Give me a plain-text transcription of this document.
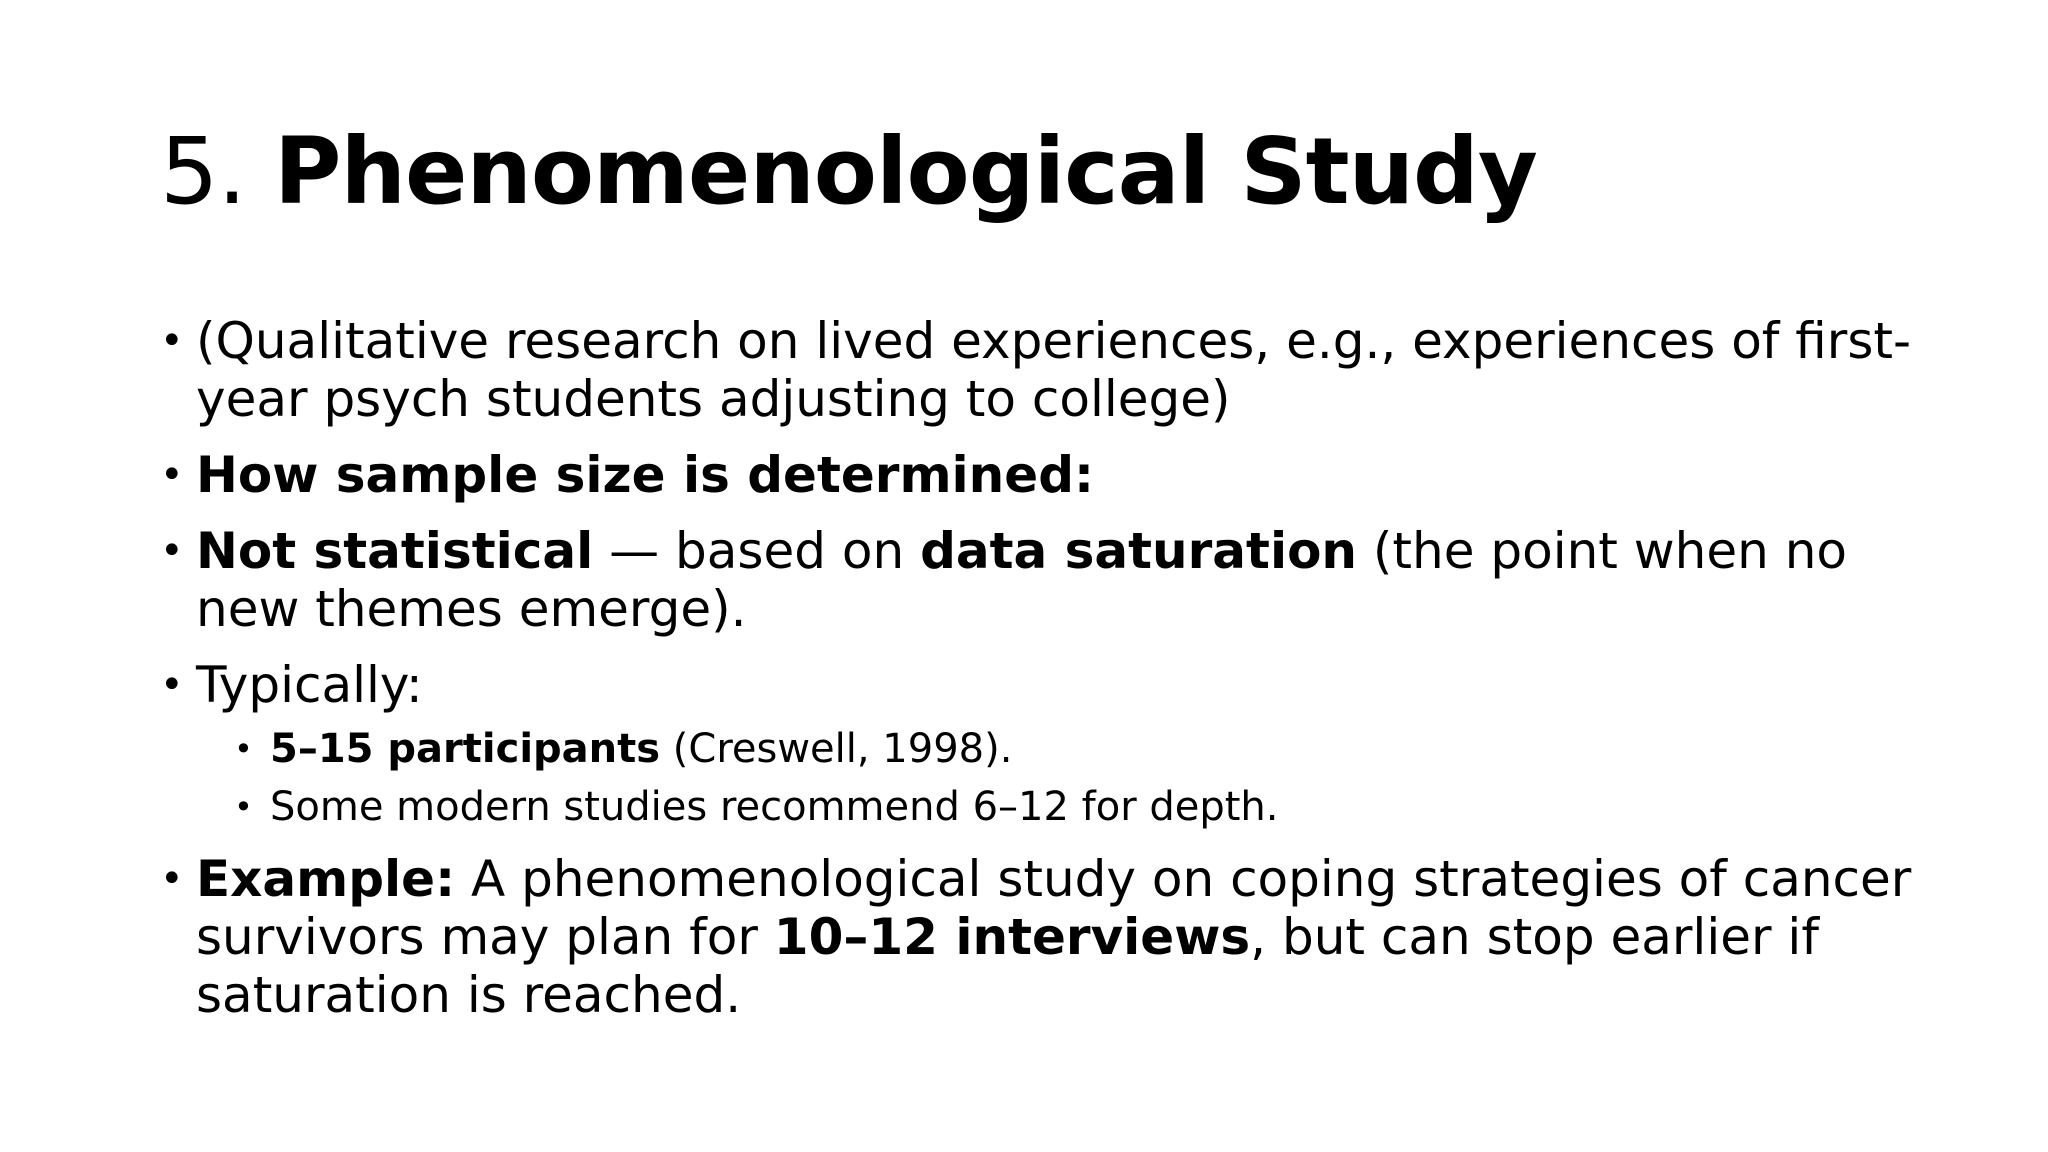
5. Phenomenological Study
• (Qualitative research on lived experiences, e.g., experiences of first-year psych students adjusting to college)
• How sample size is determined:
• Not statistical — based on data saturation (the point when no new themes emerge).
• Typically:
• 5–15 participants (Creswell, 1998).
• Some modern studies recommend 6–12 for depth.
• Example: A phenomenological study on coping strategies of cancer survivors may plan for 10–12 interviews, but can stop earlier if saturation is reached.
